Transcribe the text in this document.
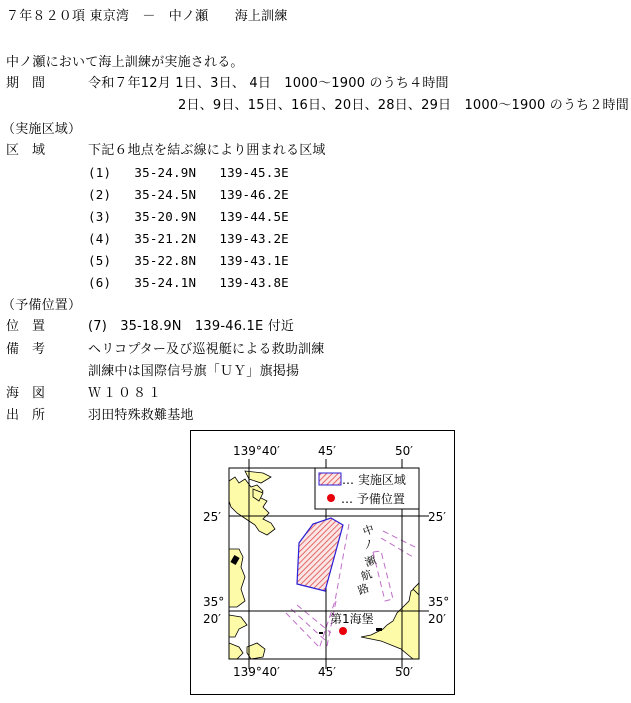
７年８２０項 東京湾　－　中ノ瀬　　海上訓練
中ノ瀬において海上訓練が実施される。
期　間	令和７年12月 1日、3日、 4日　1000～1900 のうち４時間
2日、9日、15日、16日、20日、28日、29日　1000～1900 のうち２時間
（実施区域）
区　域	下記６地点を結ぶ線により囲まれる区域
(1) 35-24.9N 139-45.3E
(2) 35-24.5N 139-46.2E
(3) 35-20.9N 139-44.5E
(4) 35-21.2N 139-43.2E
(5) 35-22.8N 139-43.1E
(6) 35-24.1N 139-43.8E
（予備位置）
位　置	(7)　35-18.9N　139-46.1E 付近
備　考	ヘリコプター及び巡視艇による救助訓練
訓練中は国際信号旗「ＵＹ」旗掲揚
海　図	Ｗ１０８１
出　所	羽田特殊救難基地
… 実施区域
… 予備位置
139°40′	45′	50′
139°40′	45′	50′
25′
35°
20′
25′
35°
20′
中
ノ
瀬
航
路
第1海堡
